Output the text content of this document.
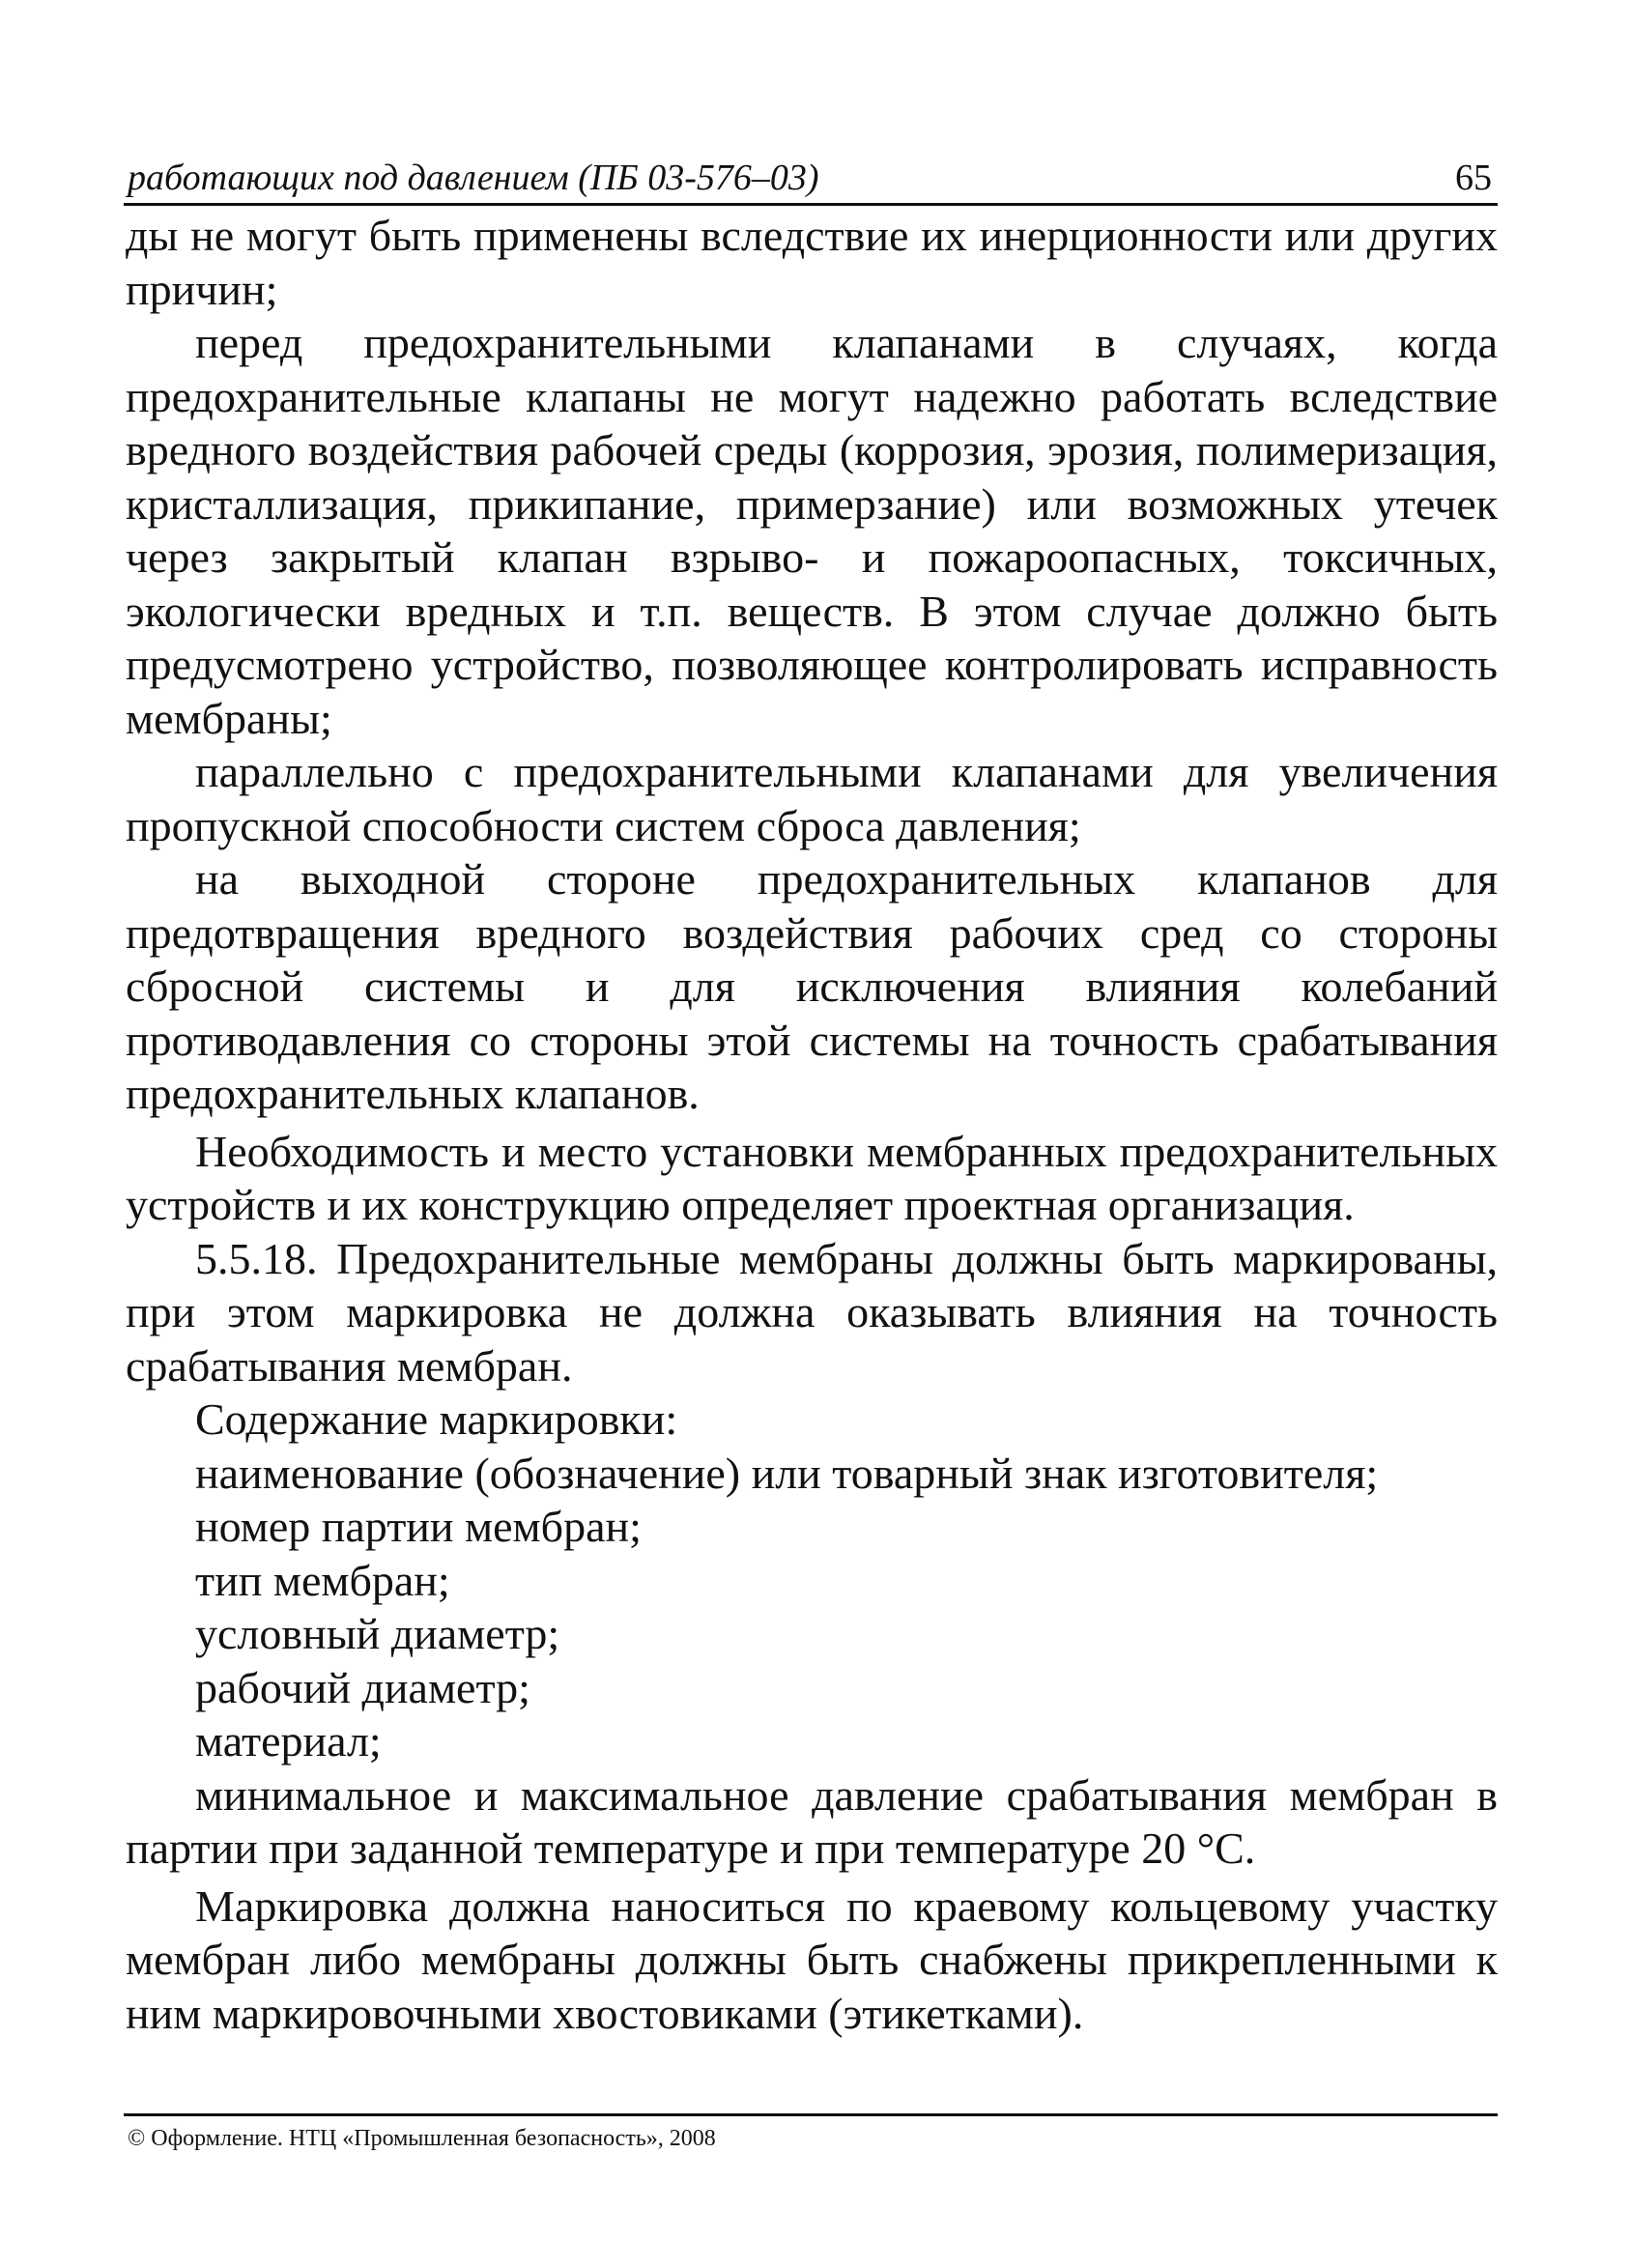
работающих под давлением (ПБ 03-576–03)	65

ды не могут быть применены вследствие их инерционности или других причин;

перед предохранительными клапанами в случаях, когда предохранительные клапаны не могут надежно работать вследствие вредного воздействия рабочей среды (коррозия, эрозия, полимеризация, кристаллизация, прикипание, примерзание) или возможных утечек через закрытый клапан взрыво- и пожароопасных, токсичных, экологически вредных и т.п. веществ. В этом случае должно быть предусмотрено устройство, позволяющее контролировать исправность мембраны;

параллельно с предохранительными клапанами для увеличения пропускной способности систем сброса давления;

на выходной стороне предохранительных клапанов для предотвращения вредного воздействия рабочих сред со стороны сбросной системы и для исключения влияния колебаний противодавления со стороны этой системы на точность срабатывания предохранительных клапанов.

Необходимость и место установки мембранных предохранительных устройств и их конструкцию определяет проектная организация.

5.5.18. Предохранительные мембраны должны быть маркированы, при этом маркировка не должна оказывать влияния на точность срабатывания мембран.

Содержание маркировки:

наименование (обозначение) или товарный знак изготовителя;

номер партии мембран;

тип мембран;

условный диаметр;

рабочий диаметр;

материал;

минимальное и максимальное давление срабатывания мембран в партии при заданной температуре и при температуре 20 °С.

Маркировка должна наноситься по краевому кольцевому участку мембран либо мембраны должны быть снабжены прикрепленными к ним маркировочными хвостовиками (этикетками).

© Оформление. НТЦ «Промышленная безопасность», 2008
